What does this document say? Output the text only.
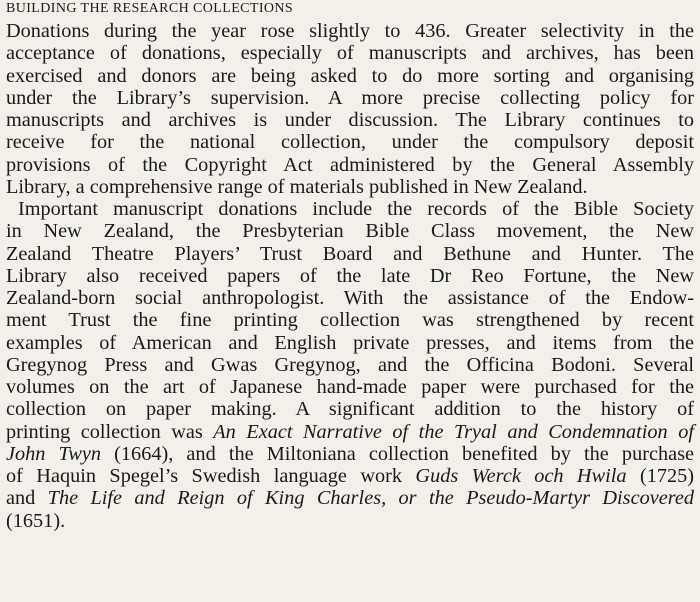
BUILDING THE RESEARCH COLLECTIONS

Donations during the year rose slightly to 436. Greater selectivity in the
acceptance of donations, especially of manuscripts and archives, has been
exercised and donors are being asked to do more sorting and organising
under the Library’s supervision. A more precise collecting policy for
manuscripts and archives is under discussion. The Library continues to
receive for the national collection, under the compulsory deposit
provisions of the Copyright Act administered by the General Assembly
Library, a comprehensive range of materials published in New Zealand.

Important manuscript donations include the records of the Bible Society
in New Zealand, the Presbyterian Bible Class movement, the New
Zealand Theatre Players’ Trust Board and Bethune and Hunter. The
Library also received papers of the late Dr Reo Fortune, the New
Zealand-born social anthropologist. With the assistance of the Endow-
ment Trust the fine printing collection was strengthened by recent
examples of American and English private presses, and items from the
Gregynog Press and Gwas Gregynog, and the Officina Bodoni. Several
volumes on the art of Japanese hand-made paper were purchased for the
collection on paper making. A significant addition to the history of
printing collection was An Exact Narrative of the Tryal and Condemnation of
John Twyn (1664), and the Miltoniana collection benefited by the purchase
of Haquin Spegel’s Swedish language work Guds Werck och Hwila (1725)
and The Life and Reign of King Charles, or the Pseudo-Martyr Discovered
(1651).
